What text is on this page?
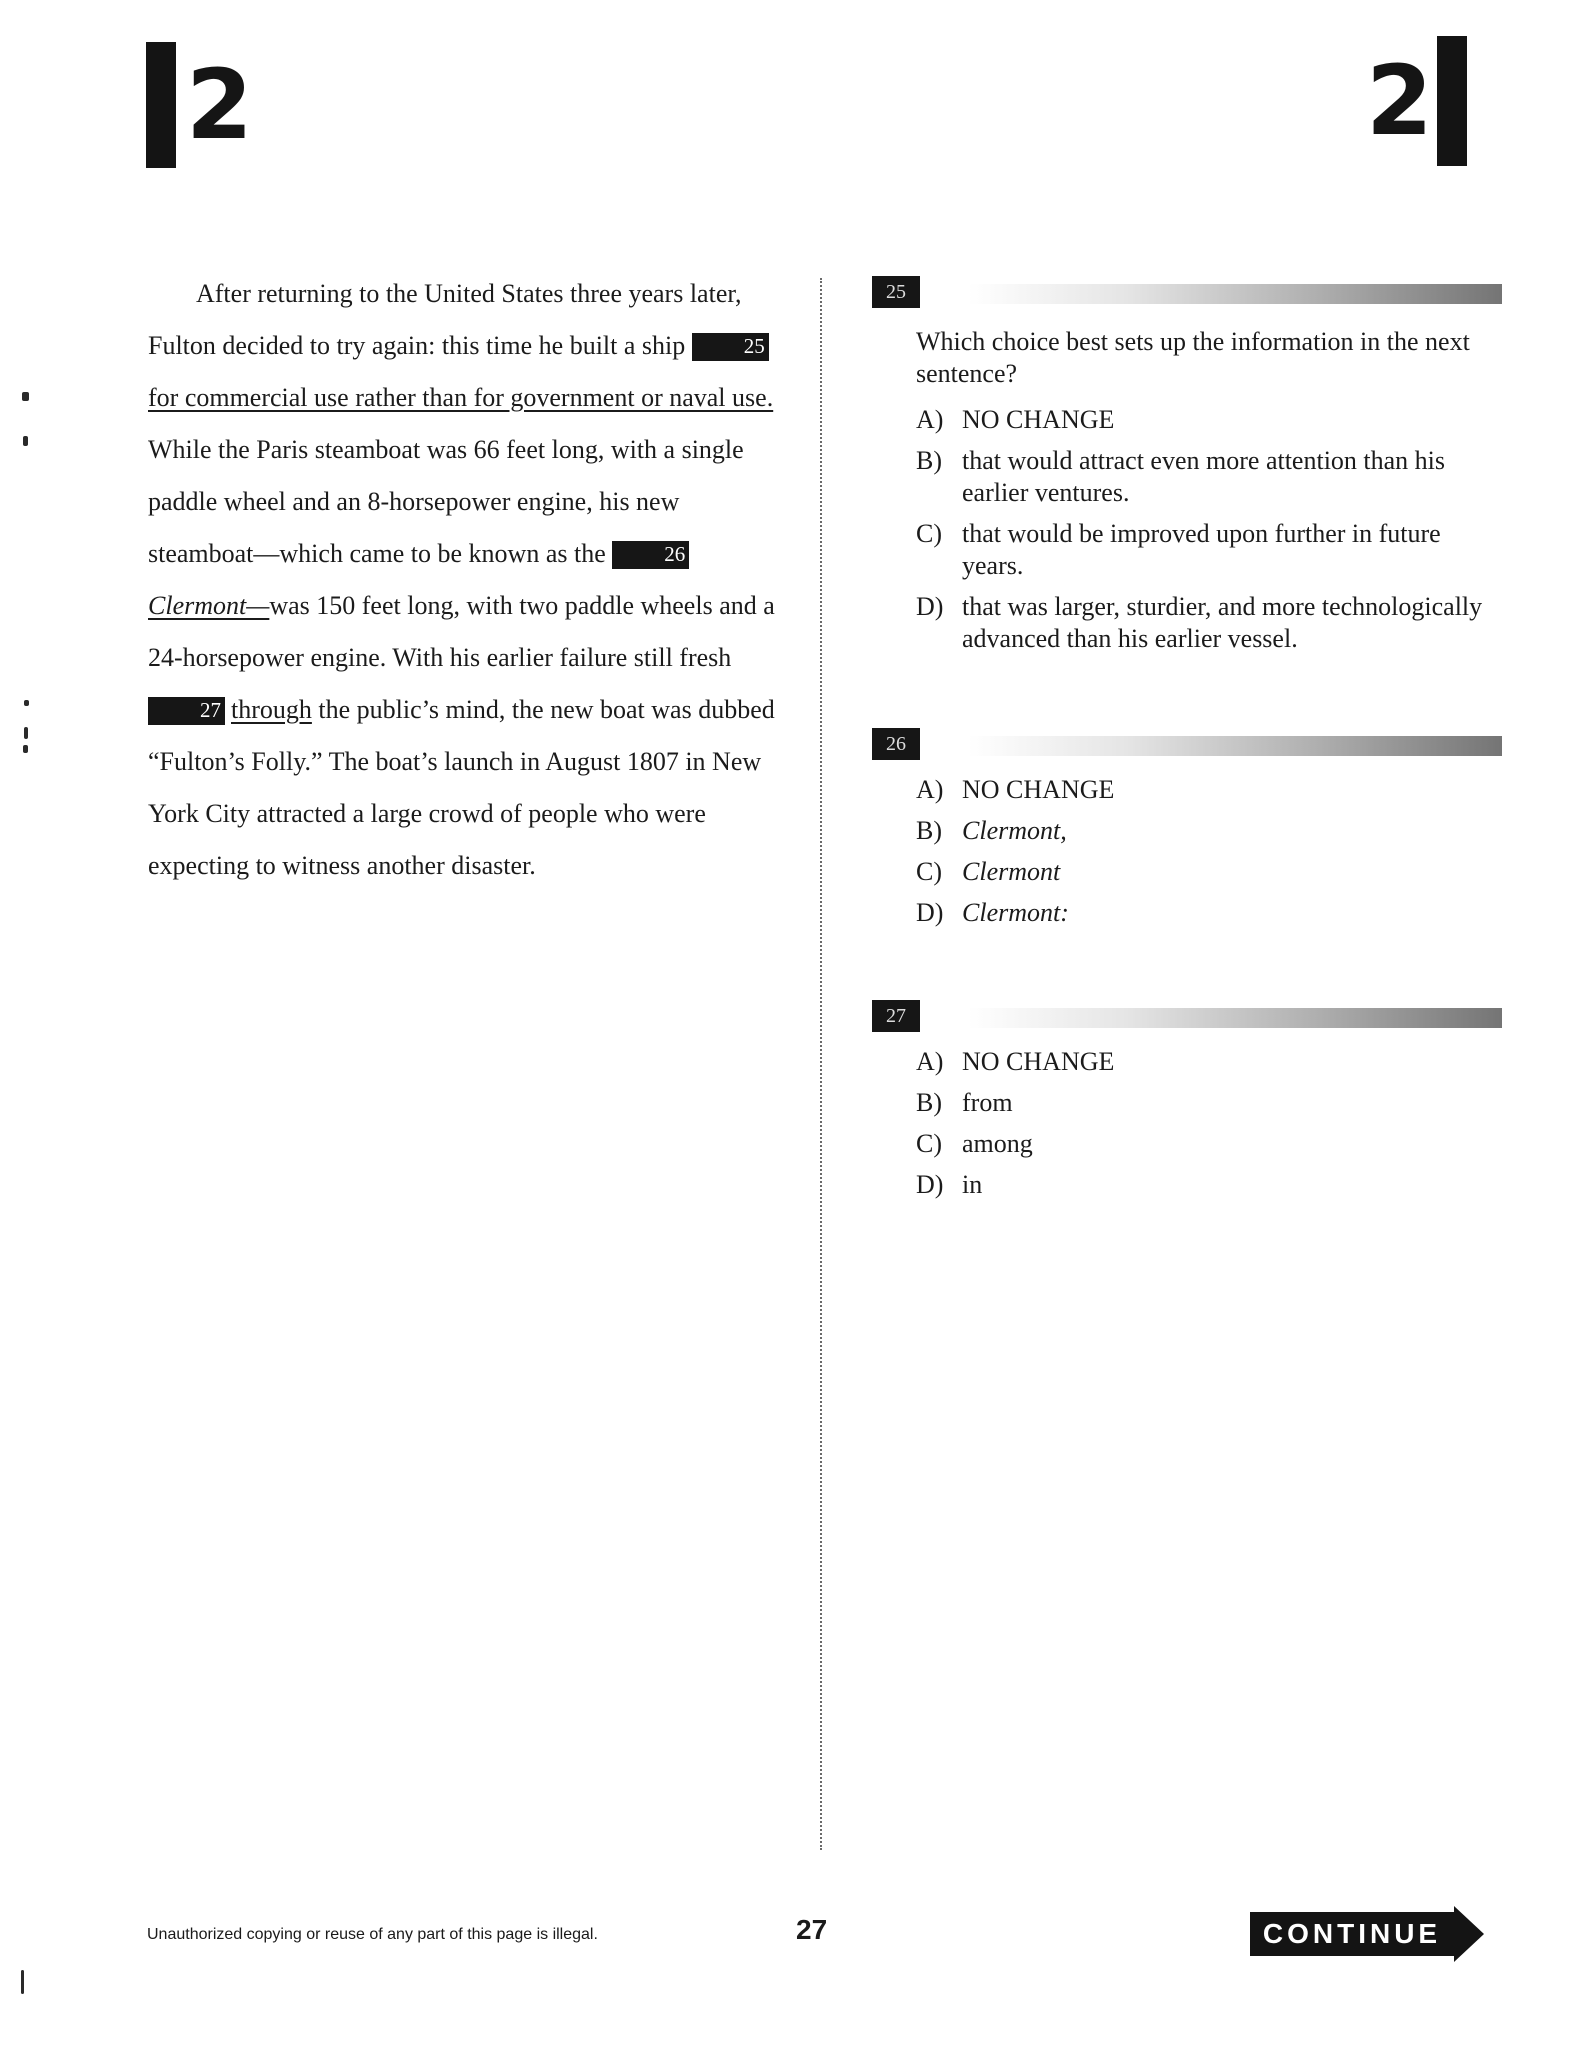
2	2

After returning to the United States three years later, Fulton decided to try again: this time he built a ship	25for commercial use rather than for government or naval use. While the Paris steamboat was 66 feet long, with a single paddle wheel and an 8-horsepower engine, his new steamboat—which came to be known as the	26Clermont—was 150 feet long, with two paddle wheels and a 24-horsepower engine. With his earlier failure still fresh 27 through the public’s mind, the new boat was dubbed “Fulton’s Folly.” The boat’s launch in August 1807 in New York City attracted a large crowd of people who were expecting to witness another disaster.

25
Which choice best sets up the information in the next sentence?
A) NO CHANGE
B) that would attract even more attention than his earlier ventures.
C) that would be improved upon further in future years.
D) that was larger, sturdier, and more technologically advanced than his earlier vessel.
26
A) NO CHANGE
B) Clermont,
C) Clermont
D) Clermont:
27
A) NO CHANGE
B) from
C) among
D) in
Unauthorized copying or reuse of any part of this page is illegal.	27	CONTINUE
